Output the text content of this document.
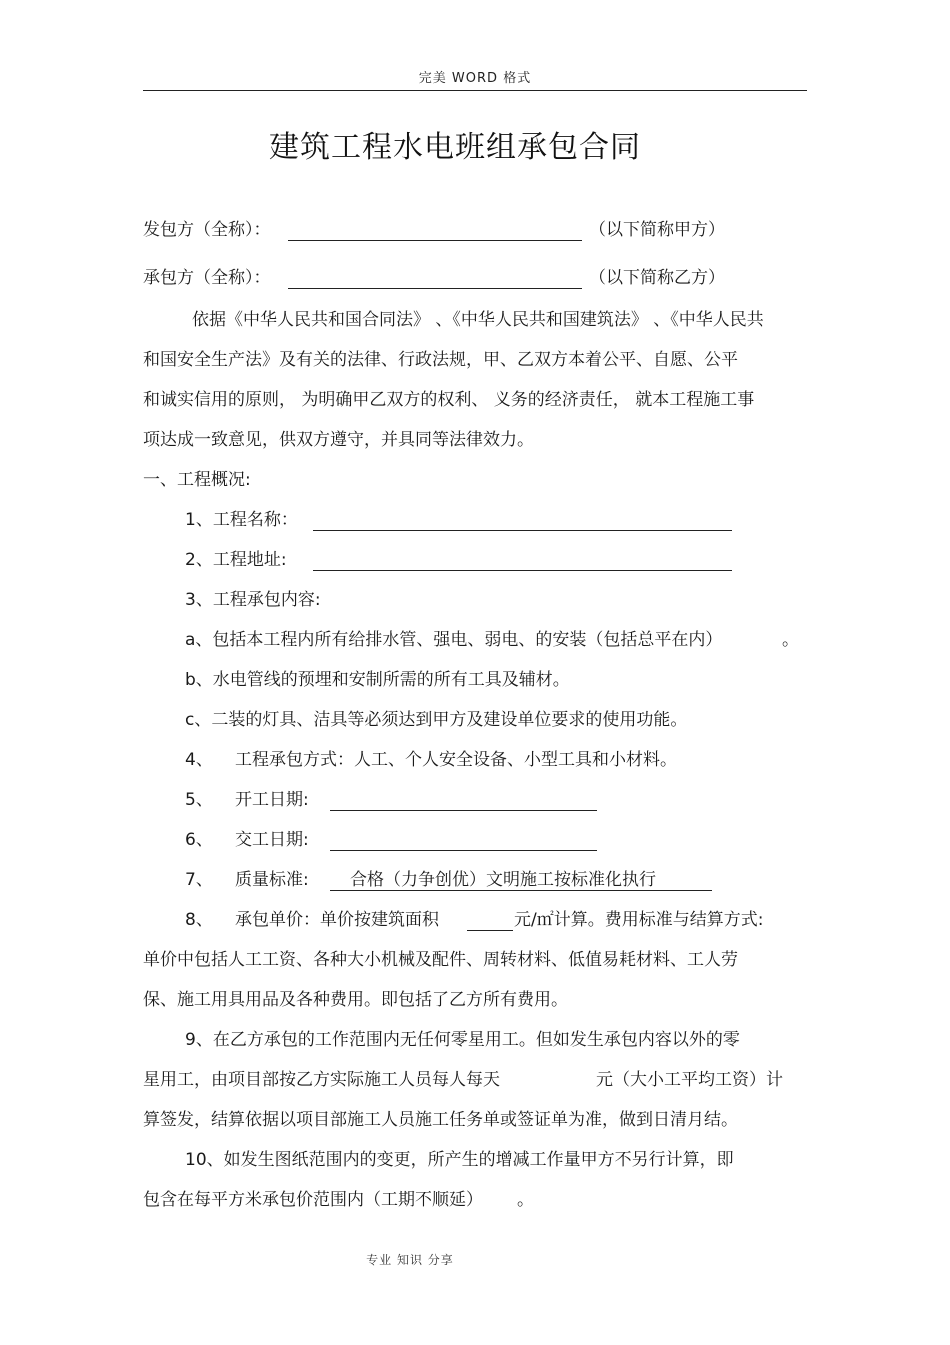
完美 WORD 格式
建筑工程水电班组承包合同
发包方（全称）：	（以下简称甲方）
承包方（全称）：	（以下简称乙方）
依据《中华人民共和国合同法》 、《中华人民共和国建筑法》 、《中华人民共
和国安全生产法》及有关的法律、行政法规，甲、乙双方本着公平、自愿、公平
和诚实信用的原则， 为明确甲乙双方的权利、 义务的经济责任， 就本工程施工事
项达成一致意见，供双方遵守，并具同等法律效力。
一、工程概况:
1、工程名称：
2、工程地址:
3、工程承包内容:
a、包括本工程内所有给排水管、强电、弱电、的安装（包括总平在内）	。
b、水电管线的预埋和安制所需的所有工具及辅材。
c、二装的灯具、洁具等必须达到甲方及建设单位要求的使用功能。
4、 工程承包方式：人工、个人安全设备、小型工具和小材料。
5、 开工日期:
6、 交工日期:
7、 质量标准: 合格（力争创优）文明施工按标准化执行
8、 承包单价：单价按建筑面积	元/㎡计算。费用标准与结算方式:
单价中包括人工工资、各种大小机械及配件、周转材料、低值易耗材料、工人劳
保、施工用具用品及各种费用。即包括了乙方所有费用。
9、在乙方承包的工作范围内无任何零星用工。但如发生承包内容以外的零
星用工，由项目部按乙方实际施工人员每人每天	元（大小工平均工资）计
算签发，结算依据以项目部施工人员施工任务单或签证单为准，做到日清月结。
10、如发生图纸范围内的变更，所产生的增减工作量甲方不另行计算，即
包含在每平方米承包价范围内（工期不顺延） 。
专业 知识 分享
